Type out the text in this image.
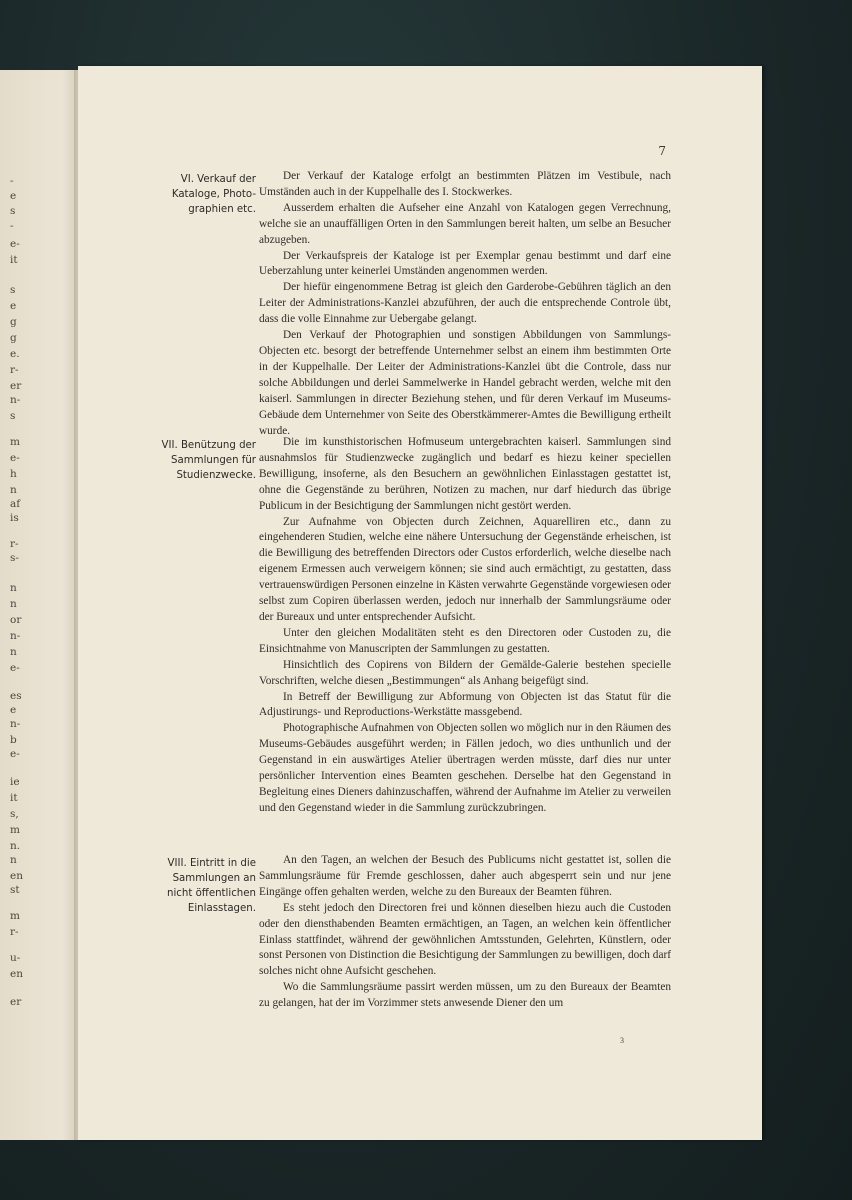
-
e
s
-
e-
it
s
e
g
g
e.
r-
er
n-
s
m
e-
h
n
af
is
r-
s-
n
n
or
n-
n
e-
es
e
n-
b
e-
ie
it
s,
m
n.
n
en
st
m
r-
u-
en
er
7
VI. Verkauf der Kataloge, Photo-graphien etc.

Der Verkauf der Kataloge erfolgt an bestimmten Plätzen im Vestibule, nach Umständen auch in der Kuppelhalle des I. Stockwerkes.

Ausserdem erhalten die Aufseher eine Anzahl von Katalogen gegen Verrechnung, welche sie an unauffälligen Orten in den Sammlungen bereit halten, um selbe an Besucher abzugeben.

Der Verkaufspreis der Kataloge ist per Exemplar genau bestimmt und darf eine Ueberzahlung unter keinerlei Umständen angenommen werden.

Der hiefür eingenommene Betrag ist gleich den Garderobe-Gebühren täglich an den Leiter der Administrations-Kanzlei abzuführen, der auch die entsprechende Controle übt, dass die volle Einnahme zur Uebergabe gelangt.

Den Verkauf der Photographien und sonstigen Abbildungen von Sammlungs-Objecten etc. besorgt der betreffende Unternehmer selbst an einem ihm bestimmten Orte in der Kuppelhalle. Der Leiter der Administrations-Kanzlei übt die Controle, dass nur solche Abbildungen und derlei Sammelwerke in Handel gebracht werden, welche mit den kaiserl. Sammlungen in directer Beziehung stehen, und für deren Verkauf im Museums-Gebäude dem Unternehmer von Seite des Oberstkämmerer-Amtes die Bewilligung ertheilt wurde.

VII. Benützung der Sammlungen für Studienzwecke.

Die im kunsthistorischen Hofmuseum untergebrachten kaiserl. Sammlungen sind ausnahmslos für Studienzwecke zugänglich und bedarf es hiezu keiner speciellen Bewilligung, insoferne, als den Besuchern an gewöhnlichen Einlasstagen gestattet ist, ohne die Gegenstände zu berühren, Notizen zu machen, nur darf hiedurch das übrige Publicum in der Besichtigung der Sammlungen nicht gestört werden.

Zur Aufnahme von Objecten durch Zeichnen, Aquarelliren etc., dann zu eingehenderen Studien, welche eine nähere Untersuchung der Gegenstände erheischen, ist die Bewilligung des betreffenden Directors oder Custos erforderlich, welche dieselbe nach eigenem Ermessen auch verweigern können; sie sind auch ermächtigt, zu gestatten, dass vertrauenswürdigen Personen einzelne in Kästen verwahrte Gegenstände vorgewiesen oder selbst zum Copiren überlassen werden, jedoch nur innerhalb der Sammlungsräume oder der Bureaux und unter entsprechender Aufsicht.

Unter den gleichen Modalitäten steht es den Directoren oder Custoden zu, die Einsichtnahme von Manuscripten der Sammlungen zu gestatten.

Hinsichtlich des Copirens von Bildern der Gemälde-Galerie bestehen specielle Vorschriften, welche diesen „Bestimmungen“ als Anhang beigefügt sind.

In Betreff der Bewilligung zur Abformung von Objecten ist das Statut für die Adjustirungs- und Reproductions-Werkstätte massgebend.

Photographische Aufnahmen von Objecten sollen wo möglich nur in den Räumen des Museums-Gebäudes ausgeführt werden; in Fällen jedoch, wo dies unthunlich und der Gegenstand in ein auswärtiges Atelier übertragen werden müsste, darf dies nur unter persönlicher Intervention eines Beamten geschehen. Derselbe hat den Gegenstand in Begleitung eines Dieners dahinzuschaffen, während der Aufnahme im Atelier zu verweilen und den Gegenstand wieder in die Sammlung zurückzubringen.

VIII. Eintritt in die Sammlungen an nicht öffentlichen Einlasstagen.

An den Tagen, an welchen der Besuch des Publicums nicht gestattet ist, sollen die Sammlungsräume für Fremde geschlossen, daher auch abgesperrt sein und nur jene Eingänge offen gehalten werden, welche zu den Bureaux der Beamten führen.

Es steht jedoch den Directoren frei und können dieselben hiezu auch die Custoden oder den diensthabenden Beamten ermächtigen, an Tagen, an welchen kein öffentlicher Einlass stattfindet, während der gewöhnlichen Amtsstunden, Gelehrten, Künstlern, oder sonst Personen von Distinction die Besichtigung der Sammlungen zu bewilligen, doch darf solches nicht ohne Aufsicht geschehen.

Wo die Sammlungsräume passirt werden müssen, um zu den Bureaux der Beamten zu gelangen, hat der im Vorzimmer stets anwesende Diener den um

3
